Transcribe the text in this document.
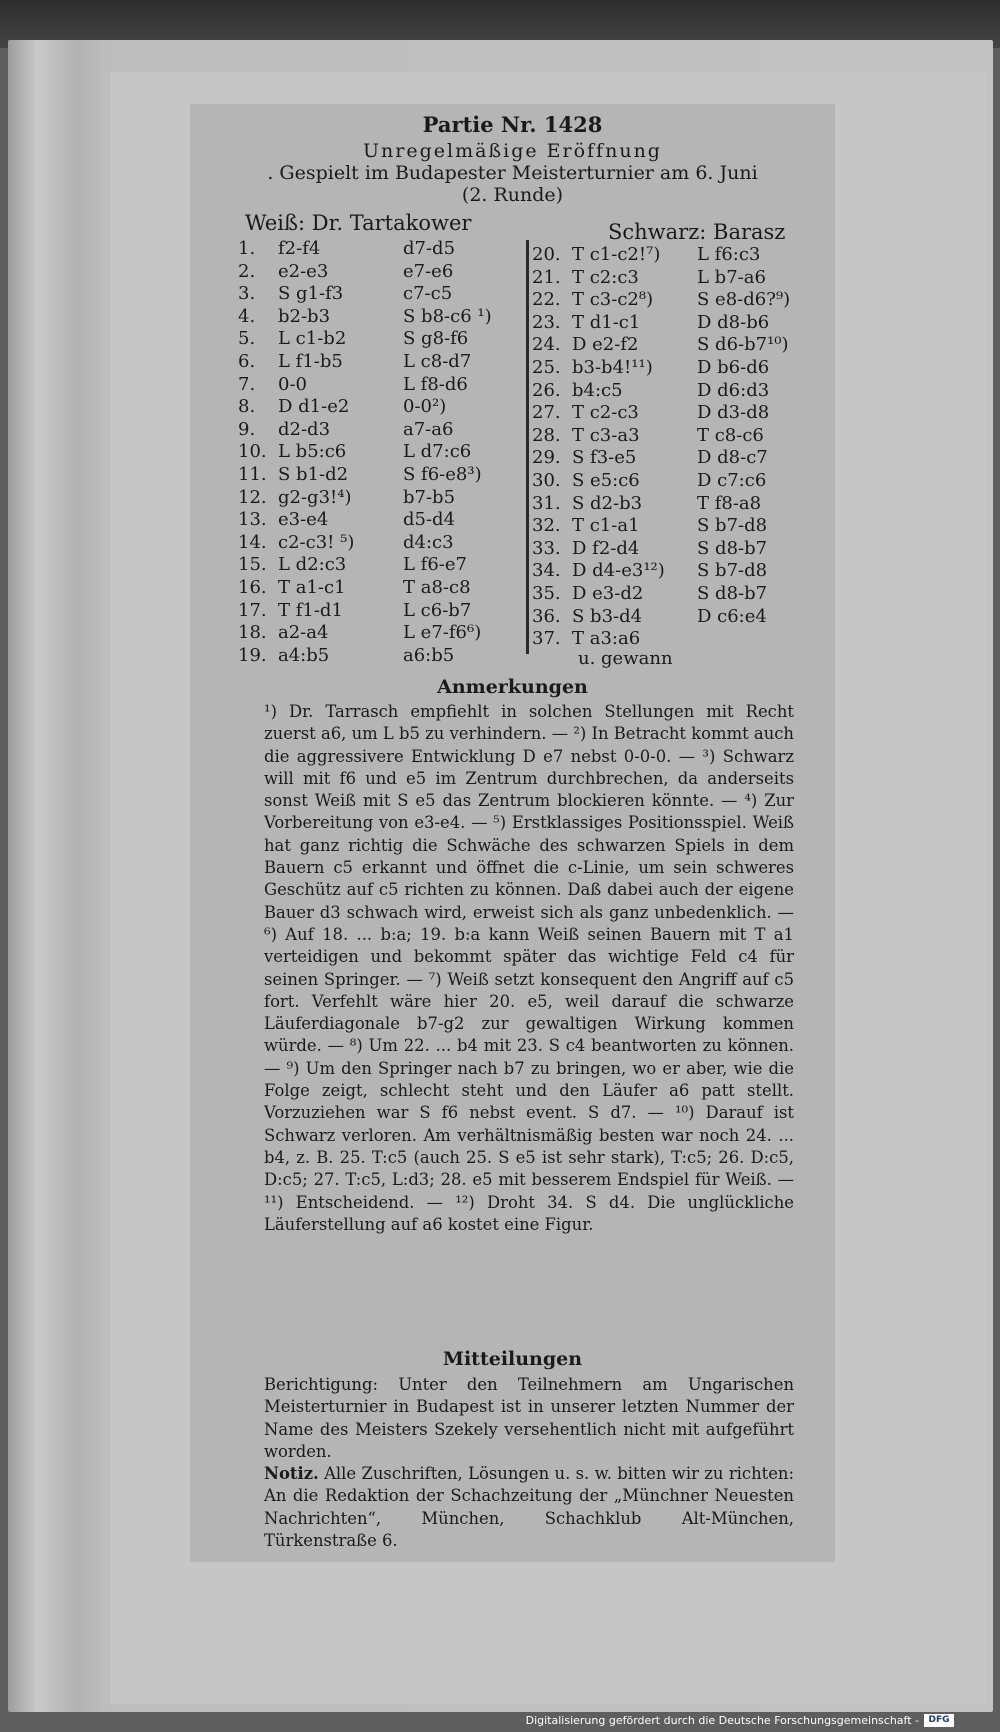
Partie Nr. 1428
Unregelmäßige Eröffnung
. Gespielt im Budapester Meisterturnier am 6. Juni
(2. Runde)
Weiß: Dr. Tartakower	Schwarz: Barasz
1. f2-f4	d7-d5
2. e2-e3	e7-e6
3. S g1-f3	c7-c5
4. b2-b3	S b8-c6 ¹)
5. L c1-b2	S g8-f6
6. L f1-b5	L c8-d7
7. 0-0	L f8-d6
8. D d1-e2	0-0²)
9. d2-d3	a7-a6
10. L b5:c6	L d7:c6
11. S b1-d2	S f6-e8³)
12. g2-g3!⁴)	b7-b5
13. e3-e4	d5-d4
14. c2-c3! ⁵)	d4:c3
15. L d2:c3	L f6-e7
16. T a1-c1	T a8-c8
17. T f1-d1	L c6-b7
18. a2-a4	L e7-f6⁶)
19. a4:b5	a6:b5
20. T c1-c2!⁷) L f6:c3
21. T c2:c3	L b7-a6
22. T c3-c2⁸) S e8-d6?⁹)
23. T d1-c1	D d8-b6
24. D e2-f2	S d6-b7¹⁰)
25. b3-b4!¹¹) D b6-d6
26. b4:c5	D d6:d3
27. T c2-c3	D d3-d8
28. T c3-a3	T c8-c6
29. S f3-e5	D d8-c7
30. S e5:c6	D c7:c6
31. S d2-b3	T f8-a8
32. T c1-a1	S b7-d8
33. D f2-d4	S d8-b7
34. D d4-e3¹²) S b7-d8
35. D e3-d2	S d8-b7
36. S b3-d4	D c6:e4
37. T a3:a6
u. gewann
Anmerkungen

¹) Dr. Tarrasch empfiehlt in solchen Stellungen mit Recht zuerst a6, um L b5 zu verhindern. — ²) In Betracht kommt auch die aggressivere Entwicklung D e7 nebst 0-0-0. — ³) Schwarz will mit f6 und e5 im Zentrum durchbrechen, da anderseits sonst Weiß mit S e5 das Zentrum blockieren könnte. — ⁴) Zur Vorbereitung von e3-e4. — ⁵) Erstklassiges Positionsspiel. Weiß hat ganz richtig die Schwäche des schwarzen Spiels in dem Bauern c5 erkannt und öffnet die c-Linie, um sein schweres Geschütz auf c5 richten zu können. Daß dabei auch der eigene Bauer d3 schwach wird, erweist sich als ganz unbedenklich. — ⁶) Auf 18. ... b:a; 19. b:a kann Weiß seinen Bauern mit T a1 verteidigen und bekommt später das wichtige Feld c4 für seinen Springer. — ⁷) Weiß setzt konsequent den Angriff auf c5 fort. Verfehlt wäre hier 20. e5, weil darauf die schwarze Läuferdiagonale b7-g2 zur gewaltigen Wirkung kommen würde. — ⁸) Um 22. ... b4 mit 23. S c4 beantworten zu können. — ⁹) Um den Springer nach b7 zu bringen, wo er aber, wie die Folge zeigt, schlecht steht und den Läufer a6 patt stellt. Vorzuziehen war S f6 nebst event. S d7. — ¹⁰) Darauf ist Schwarz verloren. Am verhältnismäßig besten war noch 24. ... b4, z. B. 25. T:c5 (auch 25. S e5 ist sehr stark), T:c5; 26. D:c5, D:c5; 27. T:c5, L:d3; 28. e5 mit besserem Endspiel für Weiß. — ¹¹) Entscheidend. — ¹²) Droht 34. S d4. Die unglückliche Läuferstellung auf a6 kostet eine Figur.

Mitteilungen

Berichtigung: Unter den Teilnehmern am Ungarischen Meisterturnier in Budapest ist in unserer letzten Nummer der Name des Meisters Szekely versehentlich nicht mit aufgeführt worden.

Notiz. Alle Zuschriften, Lösungen u. s. w. bitten wir zu richten: An die Redaktion der Schachzeitung der „Münchner Neuesten Nachrichten“, München, Schachklub Alt-München, Türkenstraße 6.

Digitalisierung gefördert durch die Deutsche Forschungsgemeinschaft - DFG
